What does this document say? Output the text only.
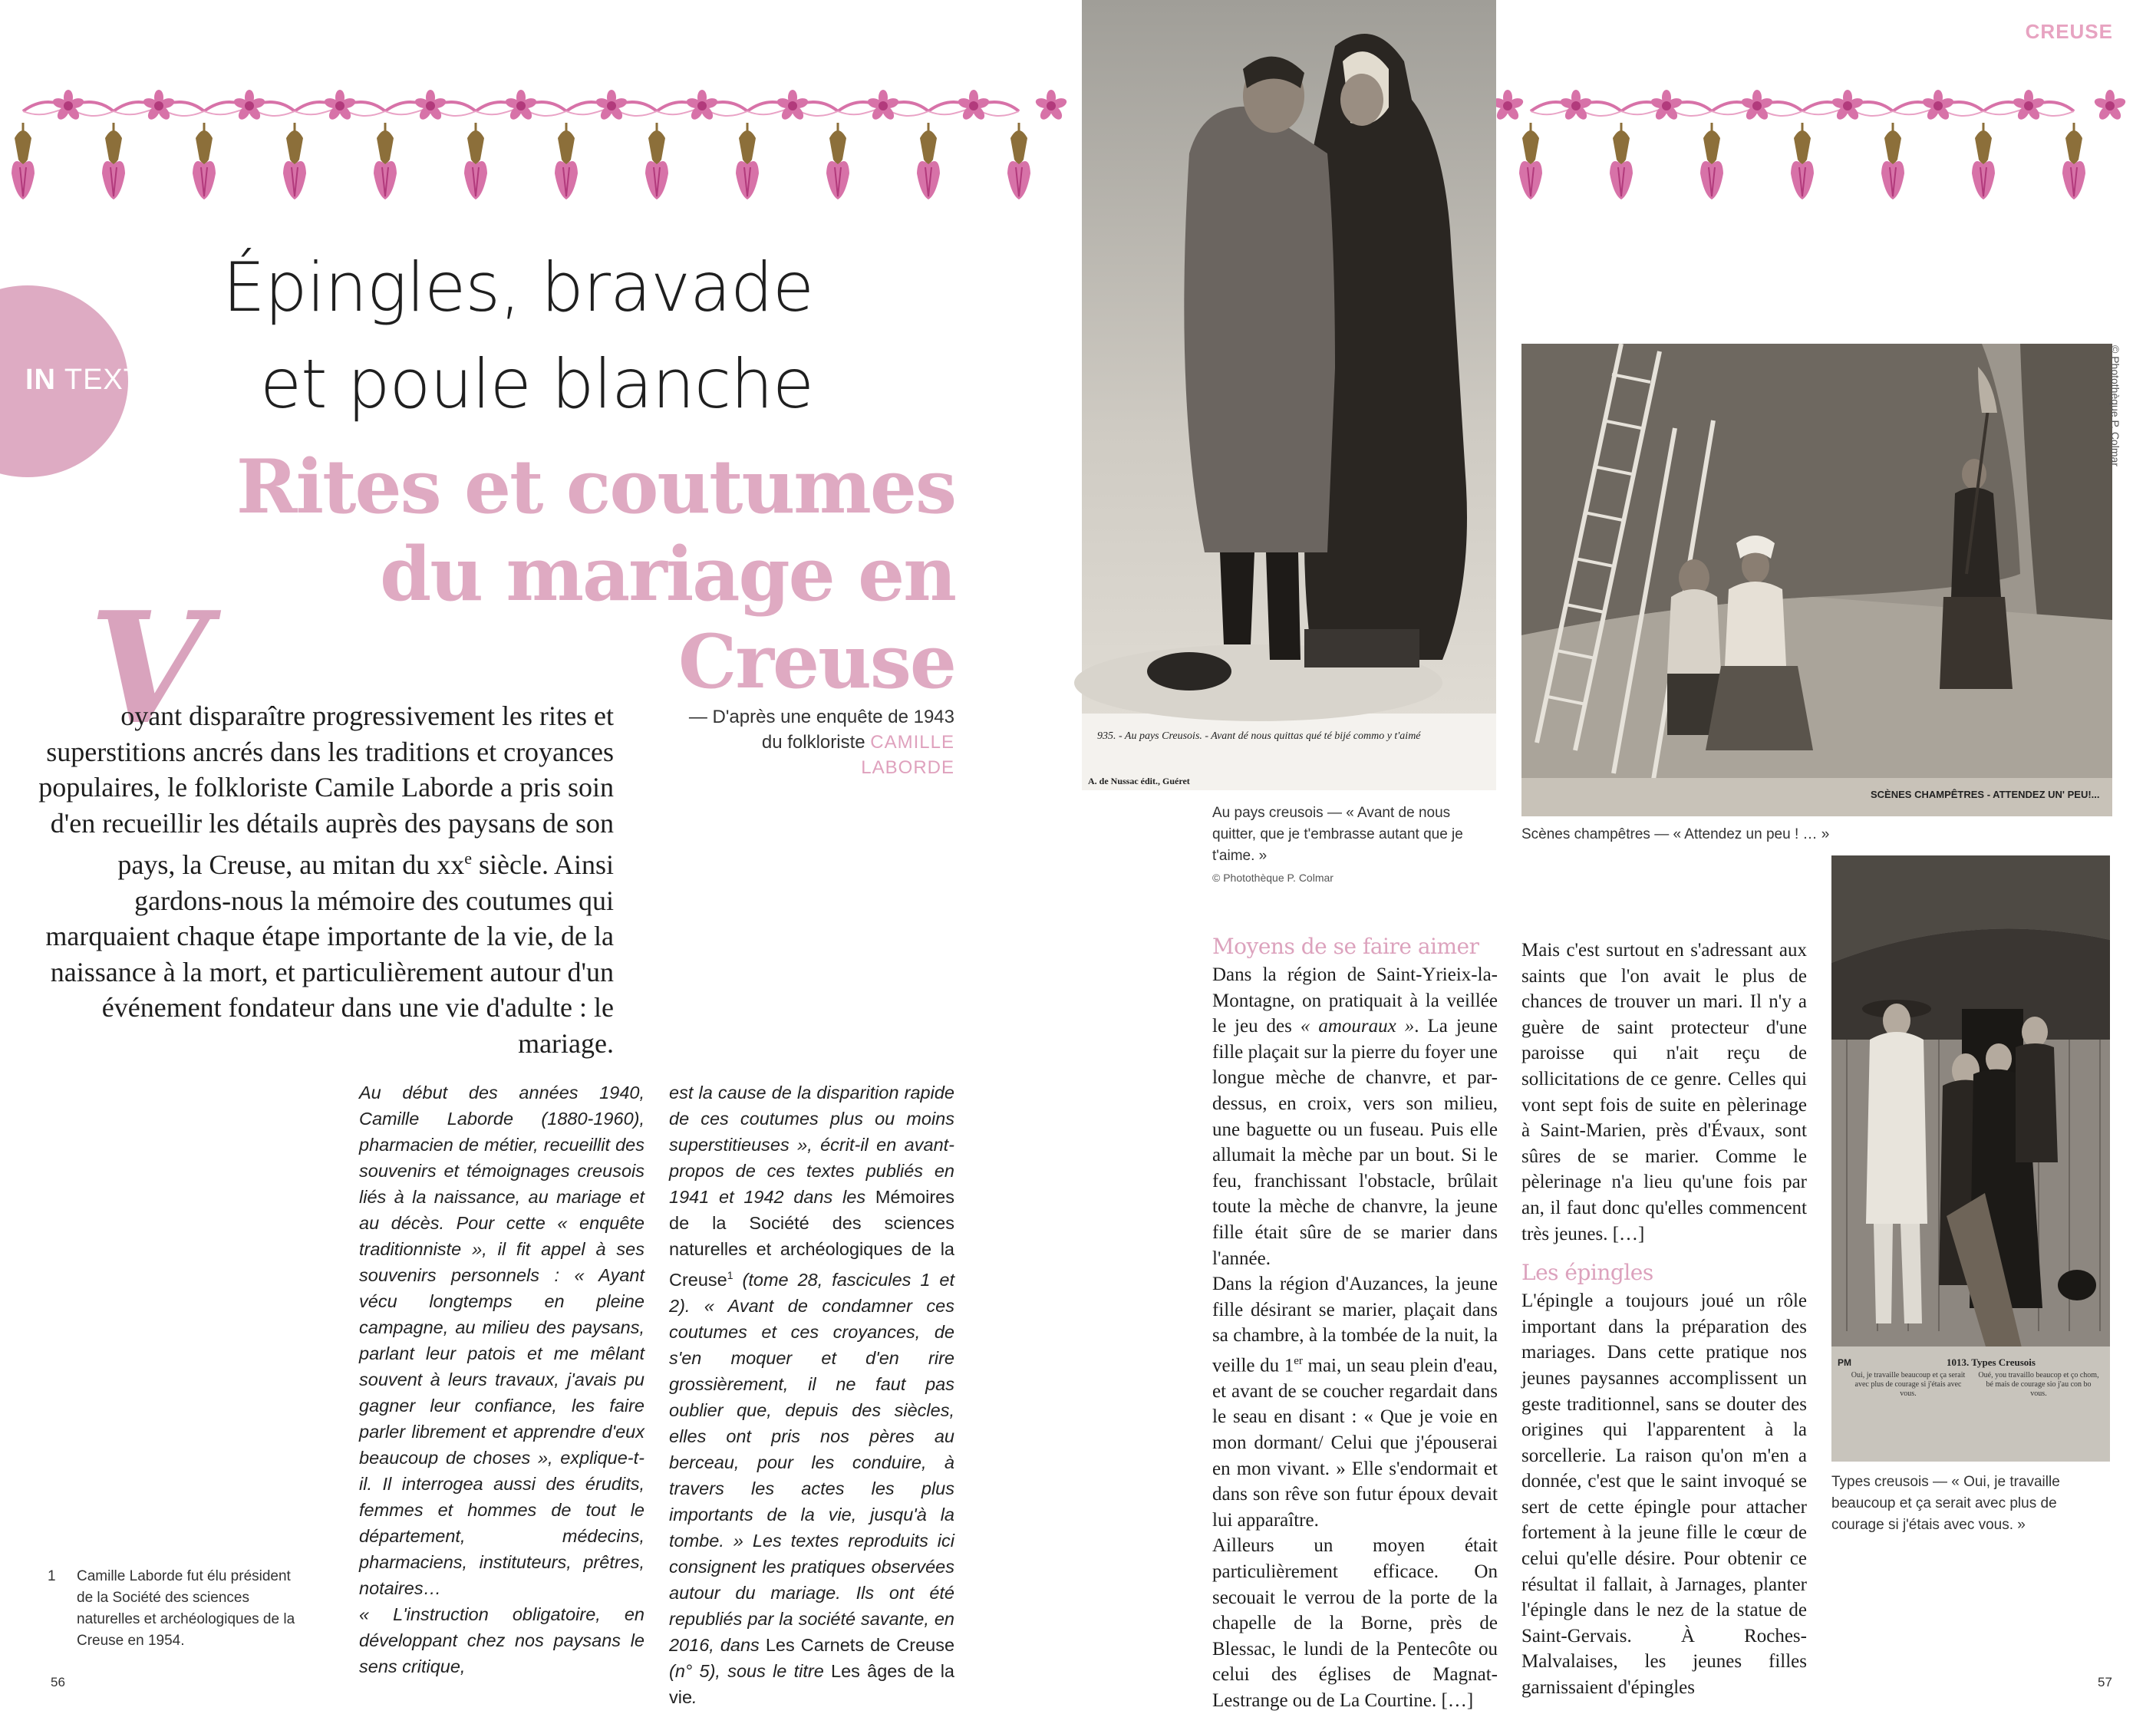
CREUSE
IN TEXTO
Épingles, bravade
et poule blanche
Rites et coutumes
du mariage en Creuse
V

oyant disparaître progressivement les rites et superstitions ancrés dans les traditions et croyances populaires, le folkloriste Camile Laborde a pris soin d'en recueillir les détails auprès des paysans de son pays, la Creuse, au mitan du $xx^e$ siècle. Ainsi gardons-nous la mémoire des coutumes qui marquaient chaque étape importante de la vie, de la naissance à la mort, et particulièrement autour d'un événement fondateur dans une vie d'adulte : le mariage.

— D'après une enquête de 1943
du folkloriste CAMILLE LABORDE

Au début des années 1940, Camille Laborde (1880-1960), pharmacien de métier, recueillit des souvenirs et témoignages creusois liés à la naissance, au mariage et au décès. Pour cette « enquête traditionniste », il fit appel à ses souvenirs personnels : « Ayant vécu longtemps en pleine campagne, au milieu des paysans, parlant leur patois et me mêlant souvent à leurs travaux, j'avais pu gagner leur confiance, les faire parler librement et apprendre d'eux beaucoup de choses », explique-t-il. Il interrogea aussi des érudits, femmes et hommes de tout le département, médecins, pharmaciens, instituteurs, prêtres, notaires…

« L'instruction obligatoire, en développant chez nos paysans le sens critique,

est la cause de la disparition rapide de ces coutumes plus ou moins superstitieuses », écrit-il en avant-propos de ces textes publiés en 1941 et 1942 dans les Mémoires de la Société des sciences naturelles et archéologiques de la Creuse$^1$ (tome 28, fascicules 1 et 2). « Avant de condamner ces coutumes et ces croyances, de s'en moquer et d'en rire grossièrement, il ne faut pas oublier que, depuis des siècles, elles ont pris nos pères au berceau, pour les conduire, à travers les actes les plus importants de la vie, jusqu'à la tombe. » Les textes reproduits ici consignent les pratiques observées autour du mariage. Ils ont été republiés par la société savante, en 2016, dans Les Carnets de Creuse (n° 5), sous le titre Les âges de la vie.

1 Camille Laborde fut élu président de la Société des sciences naturelles et archéologiques de la Creuse en 1954.
56	57
935. - Au pays Creusois. - Avant dé nous quittas qué té bijé commo y t'aimé
A. de Nussac édit., Guéret
SCÈNES CHAMPÊTRES - ATTENDEZ UN' PEU!...
PM	1013. Types Creusois
Oui, je travaille beaucoup et ça serait avec plus de courage si j'étais avec vous.
Oué, you travaillo beaucop et ço chom, bé mais de courage sio j'au con bo vous.
Au pays creusois — « Avant de nous quitter, que je t'embrasse autant que je t'aime. »
© Photothèque P. Colmar
Scènes champêtres — « Attendez un peu ! … »
Types creusois — « Oui, je travaille beaucoup et ça serait avec plus de courage si j'étais avec vous. »
© Photothèque P. Colmar
Moyens de se faire aimer

Dans la région de Saint-Yrieix-la-Montagne, on pratiquait à la veillée le jeu des « amouraux ». La jeune fille plaçait sur la pierre du foyer une longue mèche de chanvre, et par-dessus, en croix, vers son milieu, une baguette ou un fuseau. Puis elle allumait la mèche par un bout. Si le feu, franchissant l'obstacle, brûlait toute la mèche de chanvre, la jeune fille était sûre de se marier dans l'année.

Dans la région d'Auzances, la jeune fille désirant se marier, plaçait dans sa chambre, à la tombée de la nuit, la veille du 1er mai, un seau plein d'eau, et avant de se coucher regardait dans le seau en disant : « Que je voie en mon dormant/ Celui que j'épouserai en mon vivant. » Elle s'endormait et dans son rêve son futur époux devait lui apparaître.

Ailleurs un moyen était particulièrement efficace. On secouait le verrou de la porte de la chapelle de la Borne, près de Blessac, le lundi de la Pentecôte ou celui des églises de Magnat-Lestrange ou de La Courtine. […]

Mais c'est surtout en s'adressant aux saints que l'on avait le plus de chances de trouver un mari. Il n'y a guère de saint protecteur d'une paroisse qui n'ait reçu de sollicitations de ce genre. Celles qui vont sept fois de suite en pèlerinage à Saint-Marien, près d'Évaux, sont sûres de se marier. Comme le pèlerinage n'a lieu qu'une fois par an, il faut donc qu'elles commencent très jeunes. […]

Les épingles

L'épingle a toujours joué un rôle important dans la préparation des mariages. Dans cette pratique nos jeunes paysannes accomplissent un geste traditionnel, sans se douter des origines qui l'apparentent à la sorcellerie. La raison qu'on m'en a donnée, c'est que le saint invoqué se sert de cette épingle pour attacher fortement à la jeune fille le cœur de celui qu'elle désire. Pour obtenir ce résultat il fallait, à Jarnages, planter l'épingle dans le nez de la statue de Saint-Gervais. À Roches-Malvalaises, les jeunes filles garnissaient d'épingles
